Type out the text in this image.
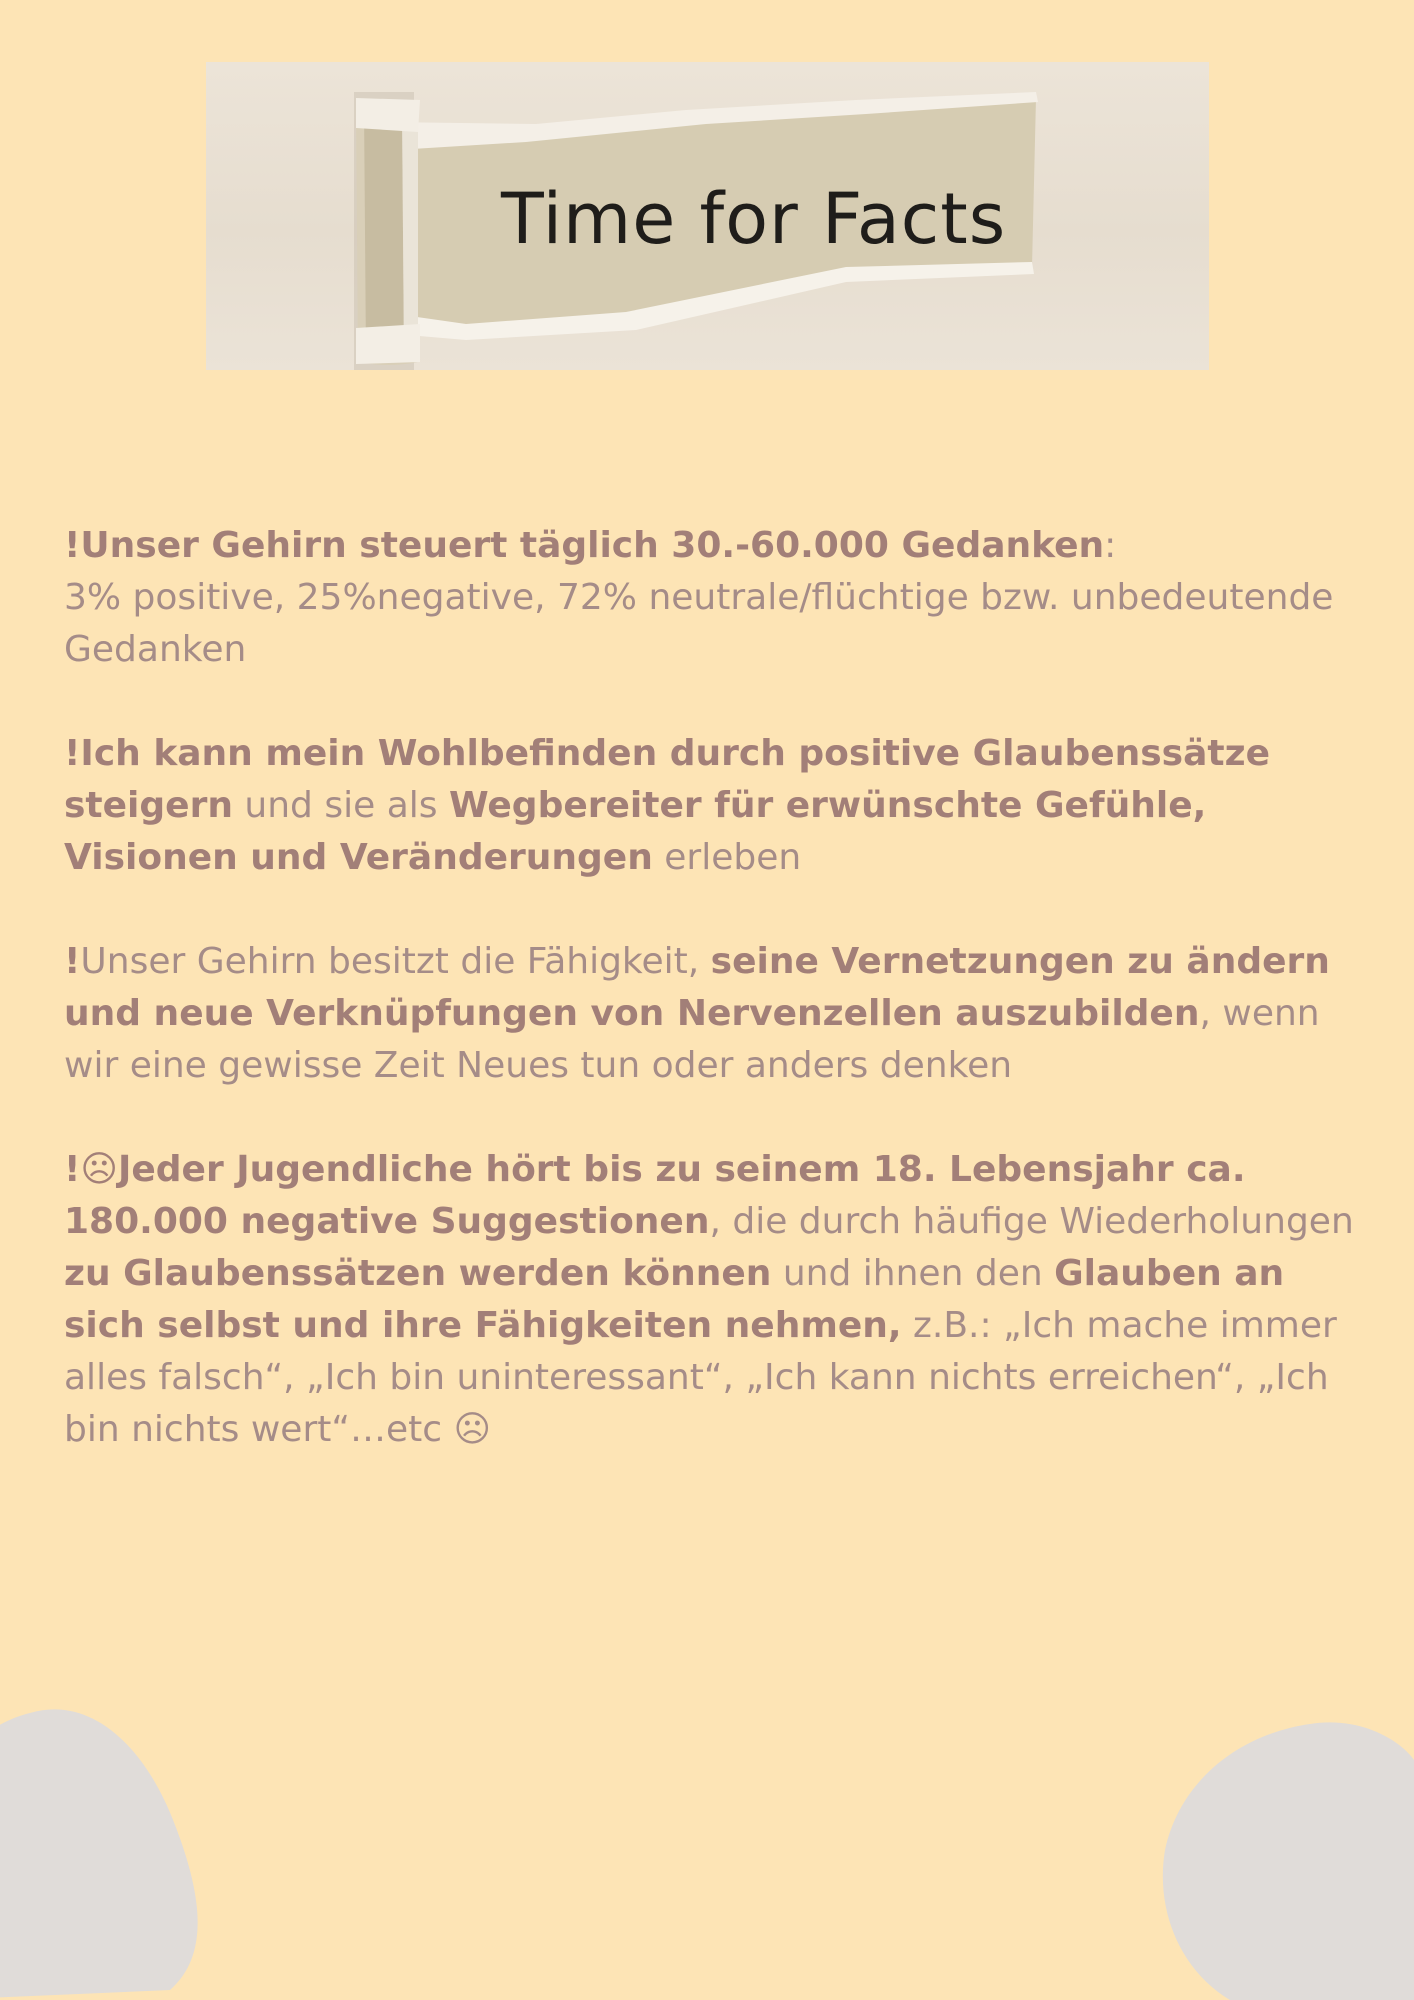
Time for Facts

!Unser Gehirn steuert täglich 30.-60.000 Gedanken:
3% positive, 25%negative, 72% neutrale/flüchtige bzw. unbedeutende Gedanken

!Ich kann mein Wohlbefinden durch positive Glaubenssätze steigern und sie als Wegbereiter für erwünschte Gefühle, Visionen und Veränderungen erleben

!Unser Gehirn besitzt die Fähigkeit, seine Vernetzungen zu ändern und neue Verknüpfungen von Nervenzellen auszubilden, wenn wir eine gewisse Zeit Neues tun oder anders denken

!☹Jeder Jugendliche hört bis zu seinem 18. Lebensjahr ca. 180.000 negative Suggestionen, die durch häufige Wiederholungen zu Glaubenssätzen werden können und ihnen den Glauben an sich selbst und ihre Fähigkeiten nehmen, z.B.: „Ich mache immer alles falsch“, „Ich bin uninteressant“, „Ich kann nichts erreichen“, „Ich bin nichts wert“…etc ☹
